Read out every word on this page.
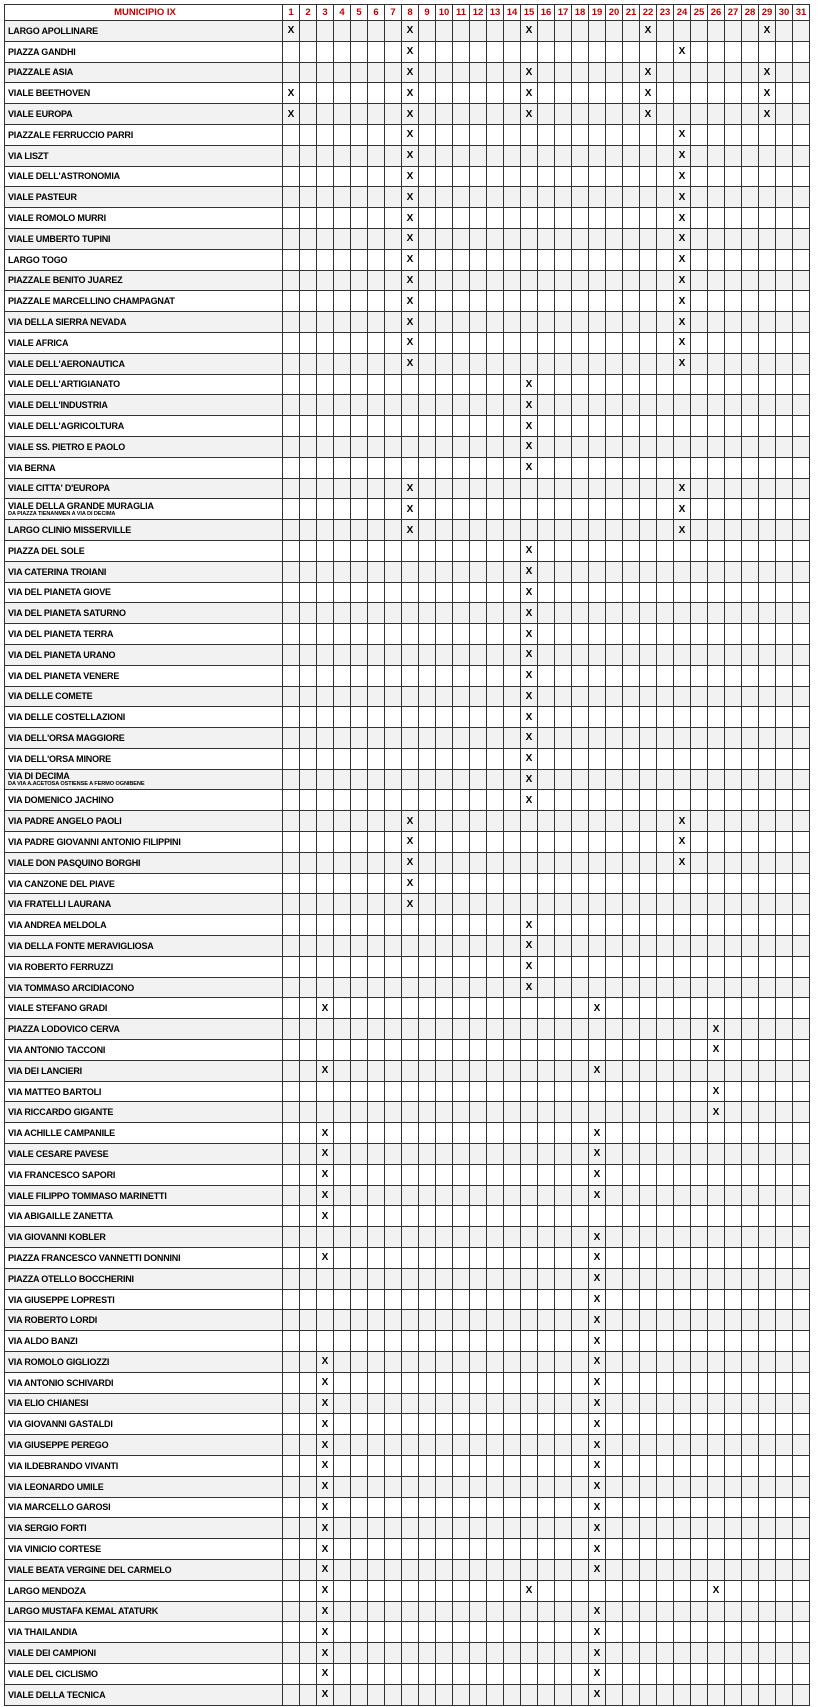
MUNICIPIO IX	1	2	3	4	5	6	7	8	9	10	11	12	13	14	15	16	17	18	19	20	21	22	23	24	25	26	27	28	29	30	31

LARGO APOLLINARE	X							X							X							X							X		

PIAZZA GANDHI								X																X							

PIAZZALE ASIA								X							X							X							X		

VIALE BEETHOVEN	X							X							X							X							X		

VIALE EUROPA	X							X							X							X							X		

PIAZZALE FERRUCCIO PARRI								X																X							

VIA LISZT								X																X							

VIALE DELL'ASTRONOMIA								X																X							

VIALE PASTEUR								X																X							

VIALE ROMOLO MURRI								X																X							

VIALE UMBERTO TUPINI								X																X							

LARGO TOGO								X																X							

PIAZZALE BENITO JUAREZ								X																X							

PIAZZALE MARCELLINO CHAMPAGNAT								X																X							

VIA DELLA SIERRA NEVADA								X																X							

VIALE AFRICA								X																X							

VIALE DELL'AERONAUTICA								X																X							

VIALE DELL'ARTIGIANATO															X																

VIALE DELL'INDUSTRIA															X																

VIALE DELL'AGRICOLTURA															X																

VIALE SS. PIETRO E PAOLO															X																

VIA BERNA															X																

VIALE CITTA' D'EUROPA								X																X							

VIALE DELLA GRANDE MURAGLIA
DA PIAZZA TIENANMEN A VIA DI DECIMA								X																X							

LARGO CLINIO MISSERVILLE								X																X							

PIAZZA DEL SOLE															X																

VIA CATERINA TROIANI															X																

VIA DEL PIANETA GIOVE															X																

VIA DEL PIANETA SATURNO															X																

VIA DEL PIANETA TERRA															X																

VIA DEL PIANETA URANO															X																

VIA DEL PIANETA VENERE															X																

VIA DELLE COMETE															X																

VIA DELLE COSTELLAZIONI															X																

VIA DELL'ORSA MAGGIORE															X																

VIA DELL'ORSA MINORE															X																

VIA DI DECIMA
DA VIA A.ACETOSA OSTIENSE A FERMO OGNIBENE															X																

VIA DOMENICO JACHINO															X																

VIA PADRE ANGELO PAOLI								X																X							

VIA PADRE GIOVANNI ANTONIO FILIPPINI								X																X							

VIALE DON PASQUINO BORGHI								X																X							

VIA CANZONE DEL PIAVE								X																							

VIA FRATELLI LAURANA								X																							

VIA ANDREA MELDOLA															X																

VIA DELLA FONTE MERAVIGLIOSA															X																

VIA ROBERTO FERRUZZI															X																

VIA TOMMASO ARCIDIACONO															X																

VIALE STEFANO GRADI			X																X												

PIAZZA LODOVICO CERVA																										X					

VIA ANTONIO TACCONI																										X					

VIA DEI LANCIERI			X																X												

VIA MATTEO BARTOLI																										X					

VIA RICCARDO GIGANTE																										X					

VIA ACHILLE CAMPANILE			X																X												

VIALE CESARE PAVESE			X																X												

VIA FRANCESCO SAPORI			X																X												

VIALE FILIPPO TOMMASO MARINETTI			X																X												

VIA ABIGAILLE ZANETTA			X																												

VIA GIOVANNI KOBLER																			X												

PIAZZA FRANCESCO VANNETTI DONNINI			X																X												

PIAZZA OTELLO BOCCHERINI																			X												

VIA GIUSEPPE LOPRESTI																			X												

VIA ROBERTO LORDI																			X												

VIA ALDO BANZI																			X												

VIA ROMOLO GIGLIOZZI			X																X												

VIA ANTONIO SCHIVARDI			X																X												

VIA ELIO CHIANESI			X																X												

VIA GIOVANNI GASTALDI			X																X												

VIA GIUSEPPE PEREGO			X																X												

VIA ILDEBRANDO VIVANTI			X																X												

VIA LEONARDO UMILE			X																X												

VIA MARCELLO GAROSI			X																X												

VIA SERGIO FORTI			X																X												

VIA VINICIO CORTESE			X																X												

VIALE BEATA VERGINE DEL CARMELO			X																X												

LARGO MENDOZA			X												X											X					

LARGO MUSTAFA KEMAL ATATURK			X																X												

VIA THAILANDIA			X																X												

VIALE DEI CAMPIONI			X																X												

VIALE DEL CICLISMO			X																X												

VIALE DELLA TECNICA			X																X												
